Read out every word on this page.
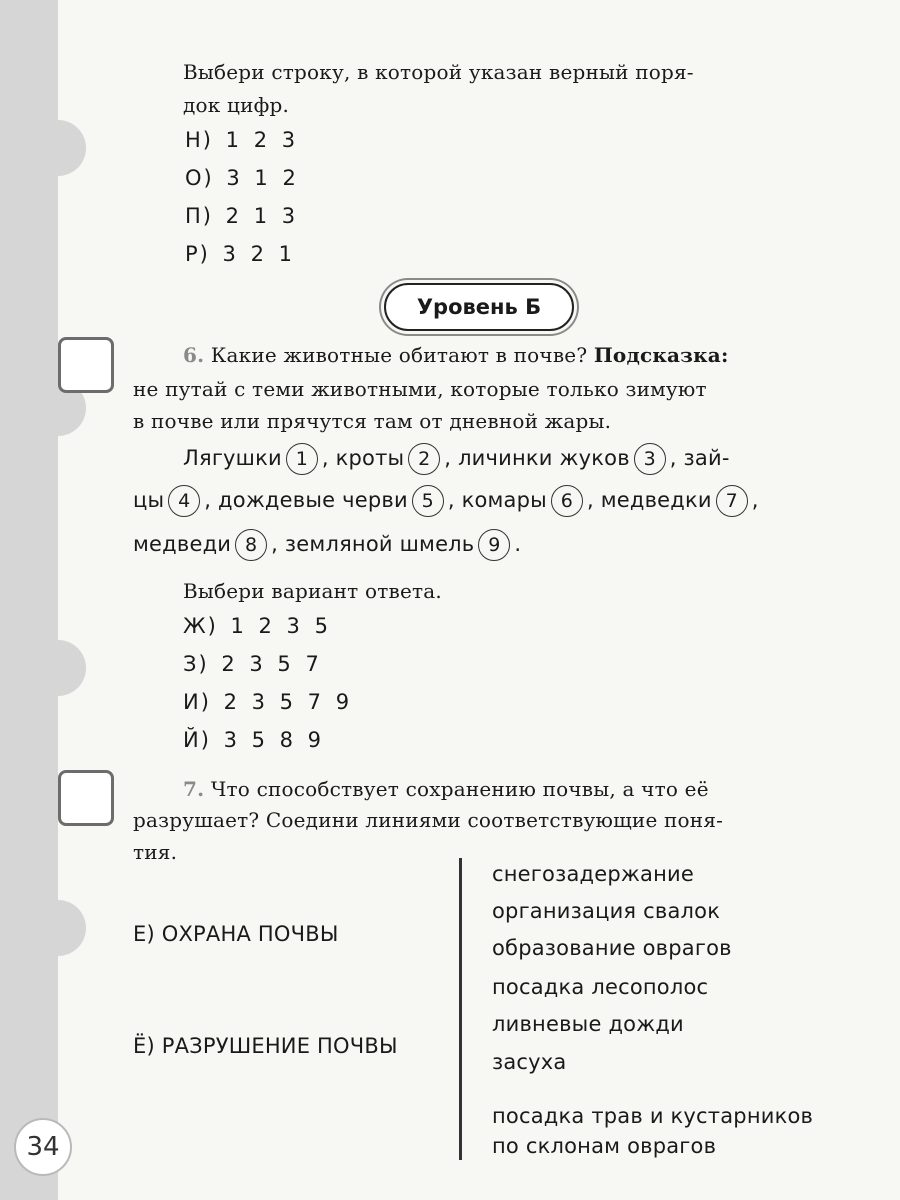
Выбери строку, в которой указан верный поря-
док цифр.
Н) 1 2 3
О) 3 1 2
П) 2 1 3
Р) 3 2 1
Уровень Б
6. Какие животные обитают в почве? Подсказка:
не путай с теми животными, которые только зимуют
в почве или прячутся там от дневной жары.
Лягушки 1 , кроты 2 , личинки жуков 3 , зай-
цы 4 , дождевые черви 5 , комары 6 , медведки 7 ,
медведи 8 , земляной шмель 9 .
Выбери вариант ответа.
Ж) 1 2 3 5
З) 2 3 5 7
И) 2 3 5 7 9
Й) 3 5 8 9
7. Что способствует сохранению почвы, а что её
разрушает? Соедини линиями соответствующие поня-
тия.
Е) ОХРАНА ПОЧВЫ
Ё) РАЗРУШЕНИЕ ПОЧВЫ
снегозадержание
организация свалок
образование оврагов
посадка лесополос
ливневые дожди
засуха
посадка трав и кустарников
по склонам оврагов
34
